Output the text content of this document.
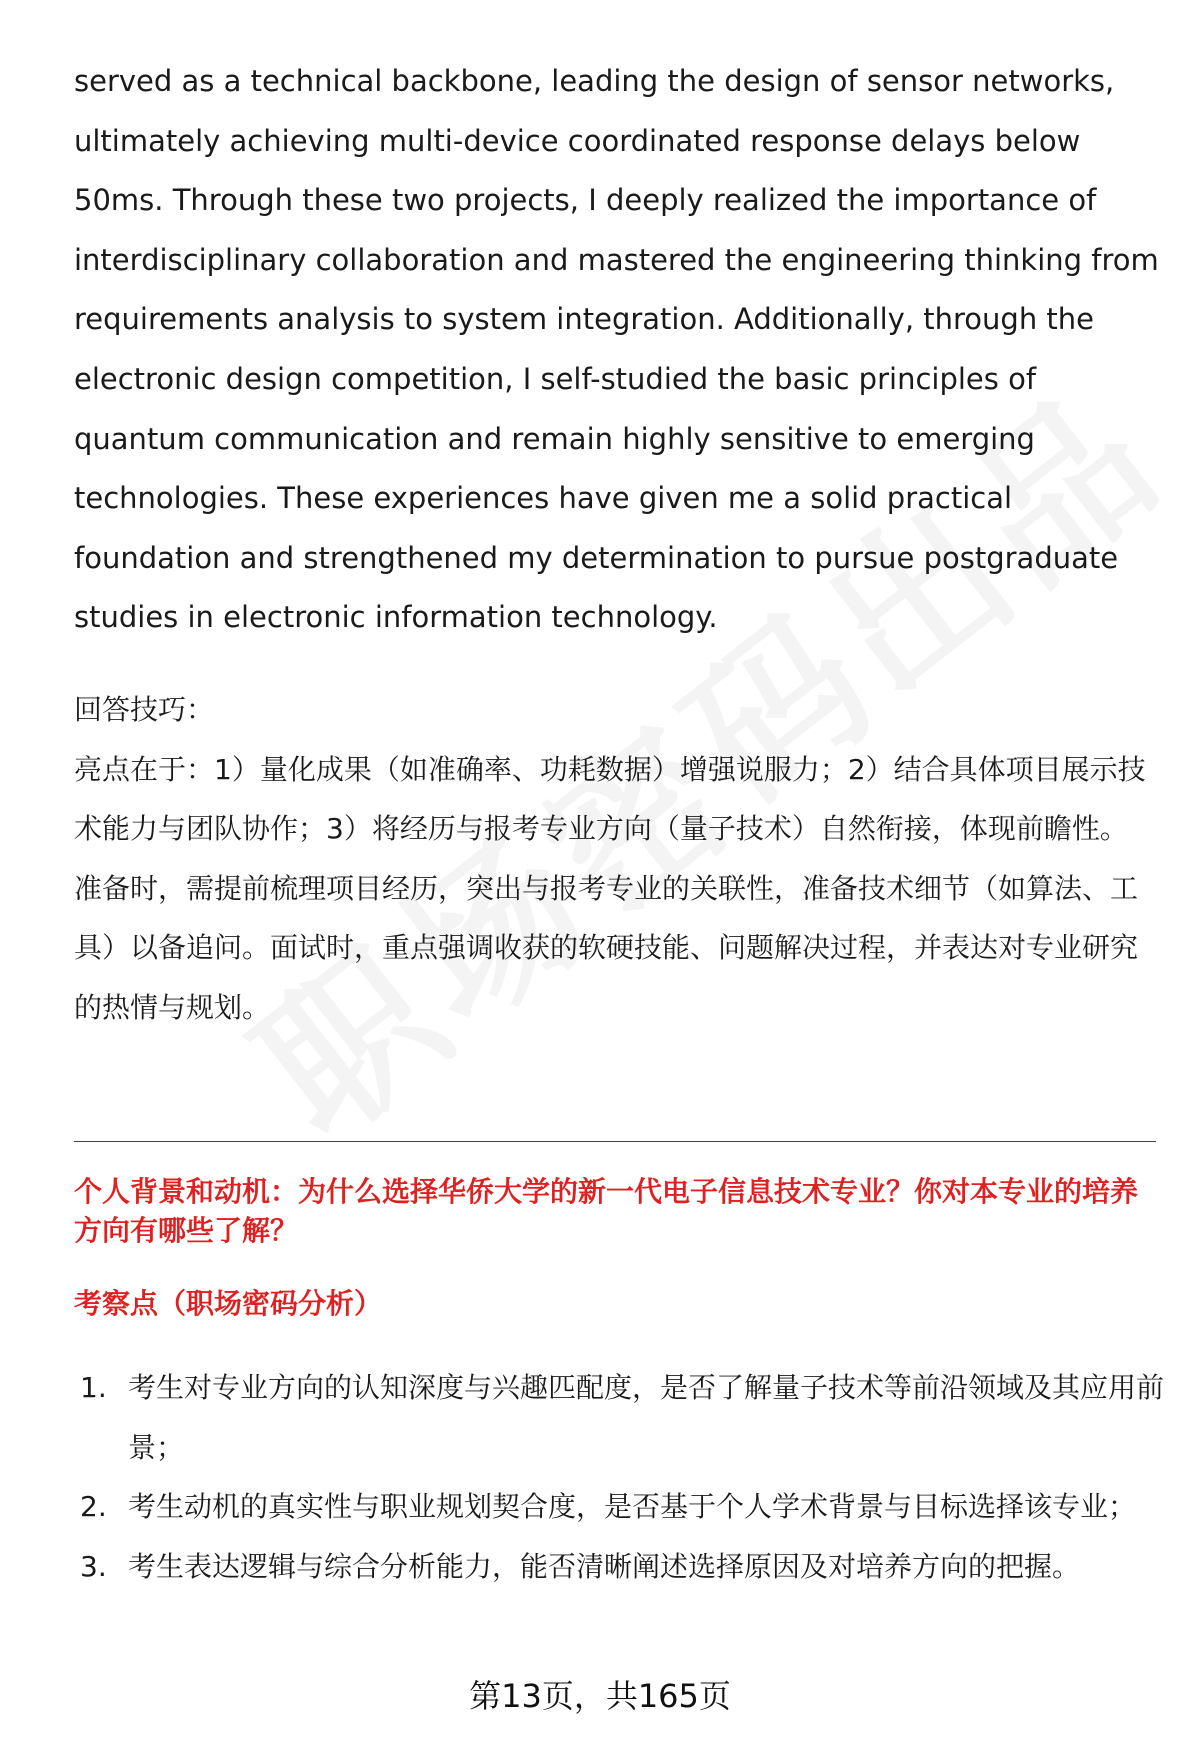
served as a technical backbone, leading the design of sensor networks, ultimately achieving multi-device coordinated response delays below 50ms. Through these two projects, I deeply realized the importance of interdisciplinary collaboration and mastered the engineering thinking from requirements analysis to system integration. Additionally, through the electronic design competition, I self-studied the basic principles of quantum communication and remain highly sensitive to emerging technologies. These experiences have given me a solid practical foundation and strengthened my determination to pursue postgraduate studies in electronic information technology.

回答技巧：

亮点在于：1）量化成果（如准确率、功耗数据）增强说服力；2）结合具体项目展示技术能力与团队协作；3）将经历与报考专业方向（量子技术）自然衔接，体现前瞻性。

准备时，需提前梳理项目经历，突出与报考专业的关联性，准备技术细节（如算法、工具）以备追问。面试时，重点强调收获的软硬技能、问题解决过程，并表达对专业研究的热情与规划。

个人背景和动机：为什么选择华侨大学的新一代电子信息技术专业？你对本专业的培养方向有哪些了解？

考察点（职场密码分析）

1. 考生对专业方向的认知深度与兴趣匹配度，是否了解量子技术等前沿领域及其应用前景；
2. 考生动机的真实性与职业规划契合度，是否基于个人学术背景与目标选择该专业；
3. 考生表达逻辑与综合分析能力，能否清晰阐述选择原因及对培养方向的把握。
第13页，共165页
